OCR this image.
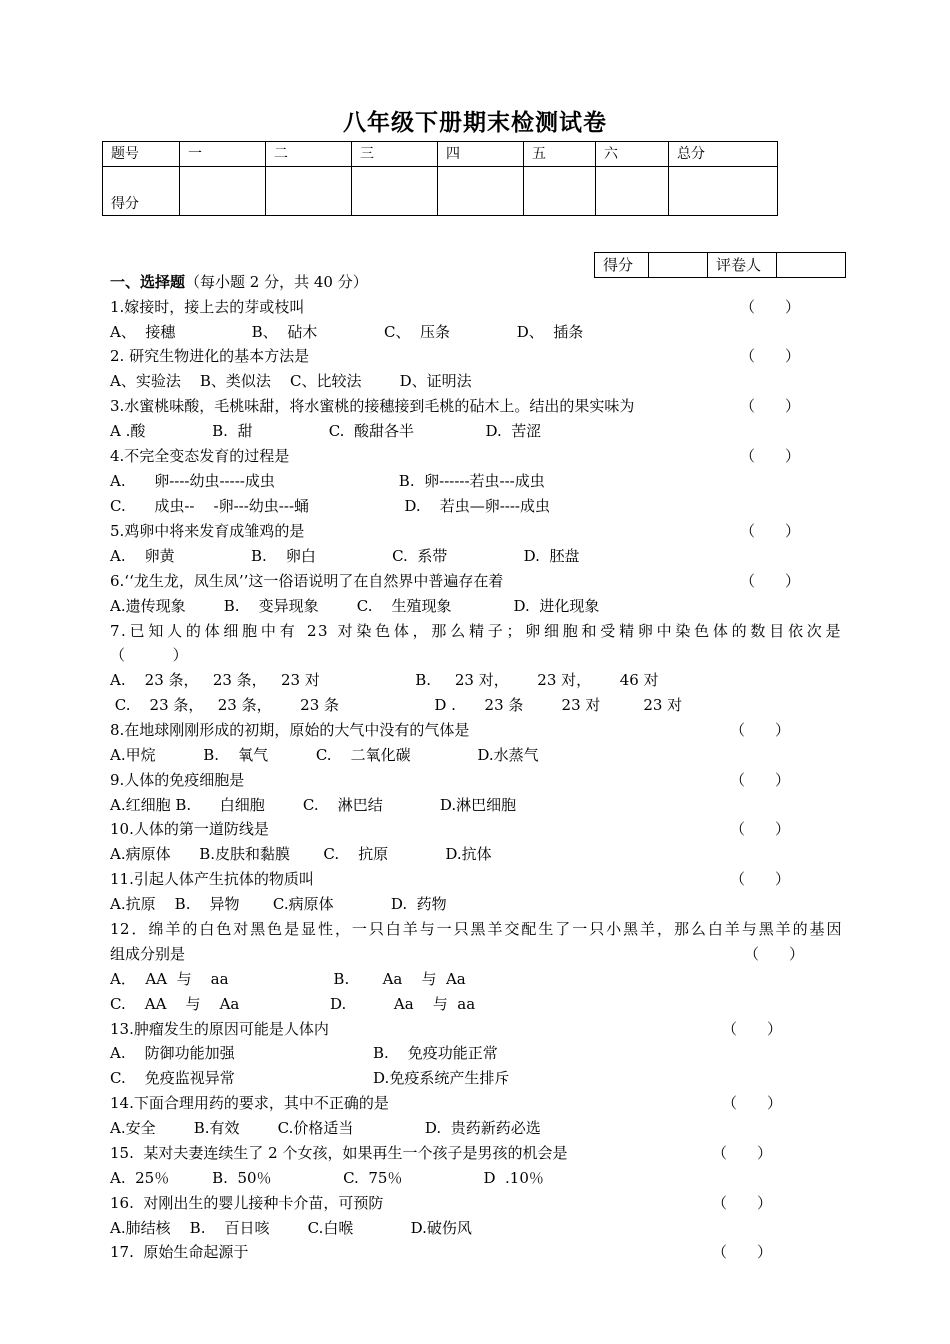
八年级下册期末检测试卷
题号	一	二	三	四	五	六	总分
得分							
得分		评卷人	
一、选择题（每小题 2 分，共 40 分）
1.嫁接时，接上去的芽或枝叫	（　　）
A、  接穗                B、  砧木              C、  压条              D、  插条
2. 研究生物进化的基本方法是	（　　）
A、实验法    B、类似法    C、比较法        D、证明法
3.水蜜桃味酸，毛桃味甜，将水蜜桃的接穗接到毛桃的砧木上。结出的果实味为	（　　）
A .酸              B.  甜                C.  酸甜各半               D.  苦涩
4.不完全变态发育的过程是	（　　）
A.      卵----幼虫-----成虫                          B.  卵------若虫---成虫
C.      成虫--    -卵---幼虫---蛹                    D.    若虫—卵----成虫
5.鸡卵中将来发育成雏鸡的是	（　　）
A.    卵黄                B.    卵白                C.  系带                D.  胚盘
6.‘‘龙生龙，凤生凤’’这一俗语说明了在自然界中普遍存在着	（　　）
A.遗传现象        B.    变异现象        C.    生殖现象             D.  进化现象
7.已知人的体细胞中有 23 对染色体，那么精子；卵细胞和受精卵中染色体的数目依次是
（          ）
A.    23 条，   23 条，   23 对                    B.     23 对，      23 对，      46 对
C.    23 条，   23 条，      23 条                    D .      23 条        23 对         23 对
8.在地球刚刚形成的初期，原始的大气中没有的气体是	（　　）
A.甲烷          B.    氧气          C.    二氧化碳              D.水蒸气
9.人体的免疫细胞是	（　　）
A.红细胞 B.      白细胞        C.    淋巴结            D.淋巴细胞
10.人体的第一道防线是	（　　）
A.病原体      B.皮肤和黏膜       C.    抗原            D.抗体
11.引起人体产生抗体的物质叫	（　　）
A.抗原    B.    异物       C.病原体            D.  药物
12．绵羊的白色对黑色是显性，一只白羊与一只黑羊交配生了一只小黑羊，那么白羊与黑羊的基因
组成分别是	（　　）
A．  AA  与    aa                      B.       Aa    与  Aa
C.    AA    与    Aa                   D.          Aa    与  aa
13.肿瘤发生的原因可能是人体内	（　　）
A.    防御功能加强                             B.    免疫功能正常
C.    免疫监视异常                             D.免疫系统产生排斥
14.下面合理用药的要求，其中不正确的是	（　　）
A.安全        B.有效        C.价格适当               D.  贵药新药必选
15.  某对夫妻连续生了 2 个女孩，如果再生一个孩子是男孩的机会是	（　　）
A.  25％         B.  50％               C.  75％                 D  .10％
16.  对刚出生的婴儿接种卡介苗，可预防	（　　）
A.肺结核    B.    百日咳        C.白喉            D.破伤风
17.  原始生命起源于	（　　）
